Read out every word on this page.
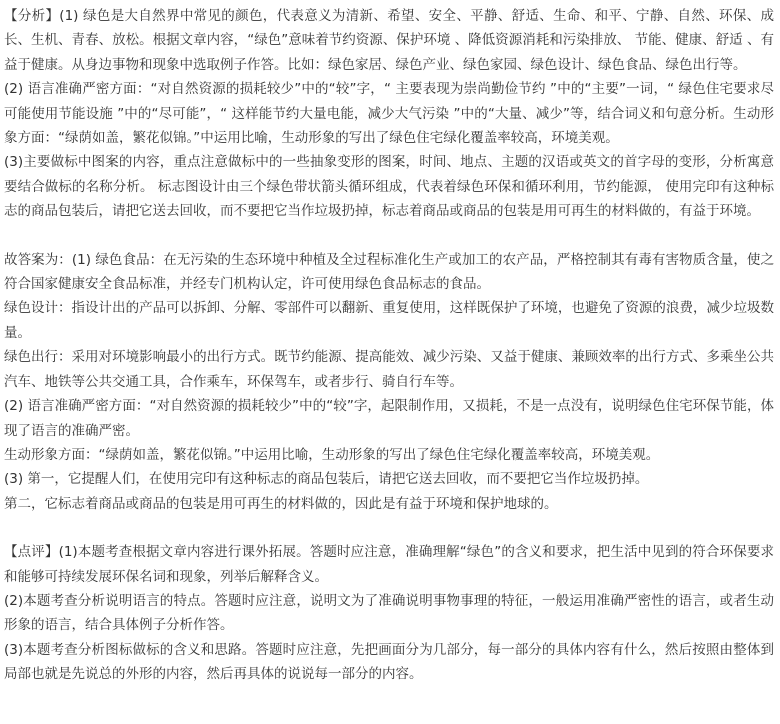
【分析】(1) 绿色是大自然界中常见的颜色，代表意义为清新、希望、安全、平静、舒适、生命、和平、宁静、自然、环保、成长、生机、青春、放松。根据文章内容，“绿色”意味着节约资源、保护环境 、降低资源消耗和污染排放、 节能、健康、舒适 、有益于健康。从身边事物和现象中选取例子作答。比如：绿色家居、绿色产业、绿色家园、绿色设计、绿色食品、绿色出行等。

(2) 语言准确严密方面：“对自然资源的损耗较少”中的“较”字，“ 主要表现为崇尚勤俭节约 ”中的“主要”一词，“ 绿色住宅要求尽可能使用节能设施 ”中的“尽可能”，“ 这样能节约大量电能，减少大气污染 ”中的“大量、减少”等，结合词义和句意分析。生动形象方面：“绿荫如盖，繁花似锦。”中运用比喻，生动形象的写出了绿色住宅绿化覆盖率较高，环境美观。

(3)主要做标中图案的内容，重点注意做标中的一些抽象变形的图案，时间、地点、主题的汉语或英文的首字母的变形，分析寓意要结合做标的名称分析。 标志图设计由三个绿色带状箭头循环组成，代表着绿色环保和循环利用，节约能源， 使用完印有这种标志的商品包装后，请把它送去回收，而不要把它当作垃圾扔掉，标志着商品或商品的包装是用可再生的材料做的，有益于环境。

故答案为：(1) 绿色食品：在无污染的生态环境中种植及全过程标准化生产或加工的农产品，严格控制其有毒有害物质含量，使之符合国家健康安全食品标准，并经专门机构认定，许可使用绿色食品标志的食品。

绿色设计：指设计出的产品可以拆卸、分解、零部件可以翻新、重复使用，这样既保护了环境，也避免了资源的浪费，减少垃圾数量。

绿色出行：采用对环境影响最小的出行方式。既节约能源、提高能效、减少污染、又益于健康、兼顾效率的出行方式、多乘坐公共汽车、地铁等公共交通工具，合作乘车，环保驾车，或者步行、骑自行车等。

(2) 语言准确严密方面：“对自然资源的损耗较少”中的“较”字，起限制作用，又损耗，不是一点没有，说明绿色住宅环保节能，体现了语言的准确严密。

生动形象方面：“绿荫如盖，繁花似锦。”中运用比喻，生动形象的写出了绿色住宅绿化覆盖率较高，环境美观。

(3) 第一，它提醒人们，在使用完印有这种标志的商品包装后，请把它送去回收，而不要把它当作垃圾扔掉。

第二，它标志着商品或商品的包装是用可再生的材料做的，因此是有益于环境和保护地球的。

【点评】(1)本题考查根据文章内容进行课外拓展。答题时应注意，准确理解“绿色”的含义和要求，把生活中见到的符合环保要求和能够可持续发展环保名词和现象，列举后解释含义。

(2)本题考查分析说明语言的特点。答题时应注意，说明文为了准确说明事物事理的特征，一般运用准确严密性的语言，或者生动形象的语言，结合具体例子分析作答。

(3)本题考查分析图标做标的含义和思路。答题时应注意，先把画面分为几部分，每一部分的具体内容有什么，然后按照由整体到局部也就是先说总的外形的内容，然后再具体的说说每一部分的内容。
